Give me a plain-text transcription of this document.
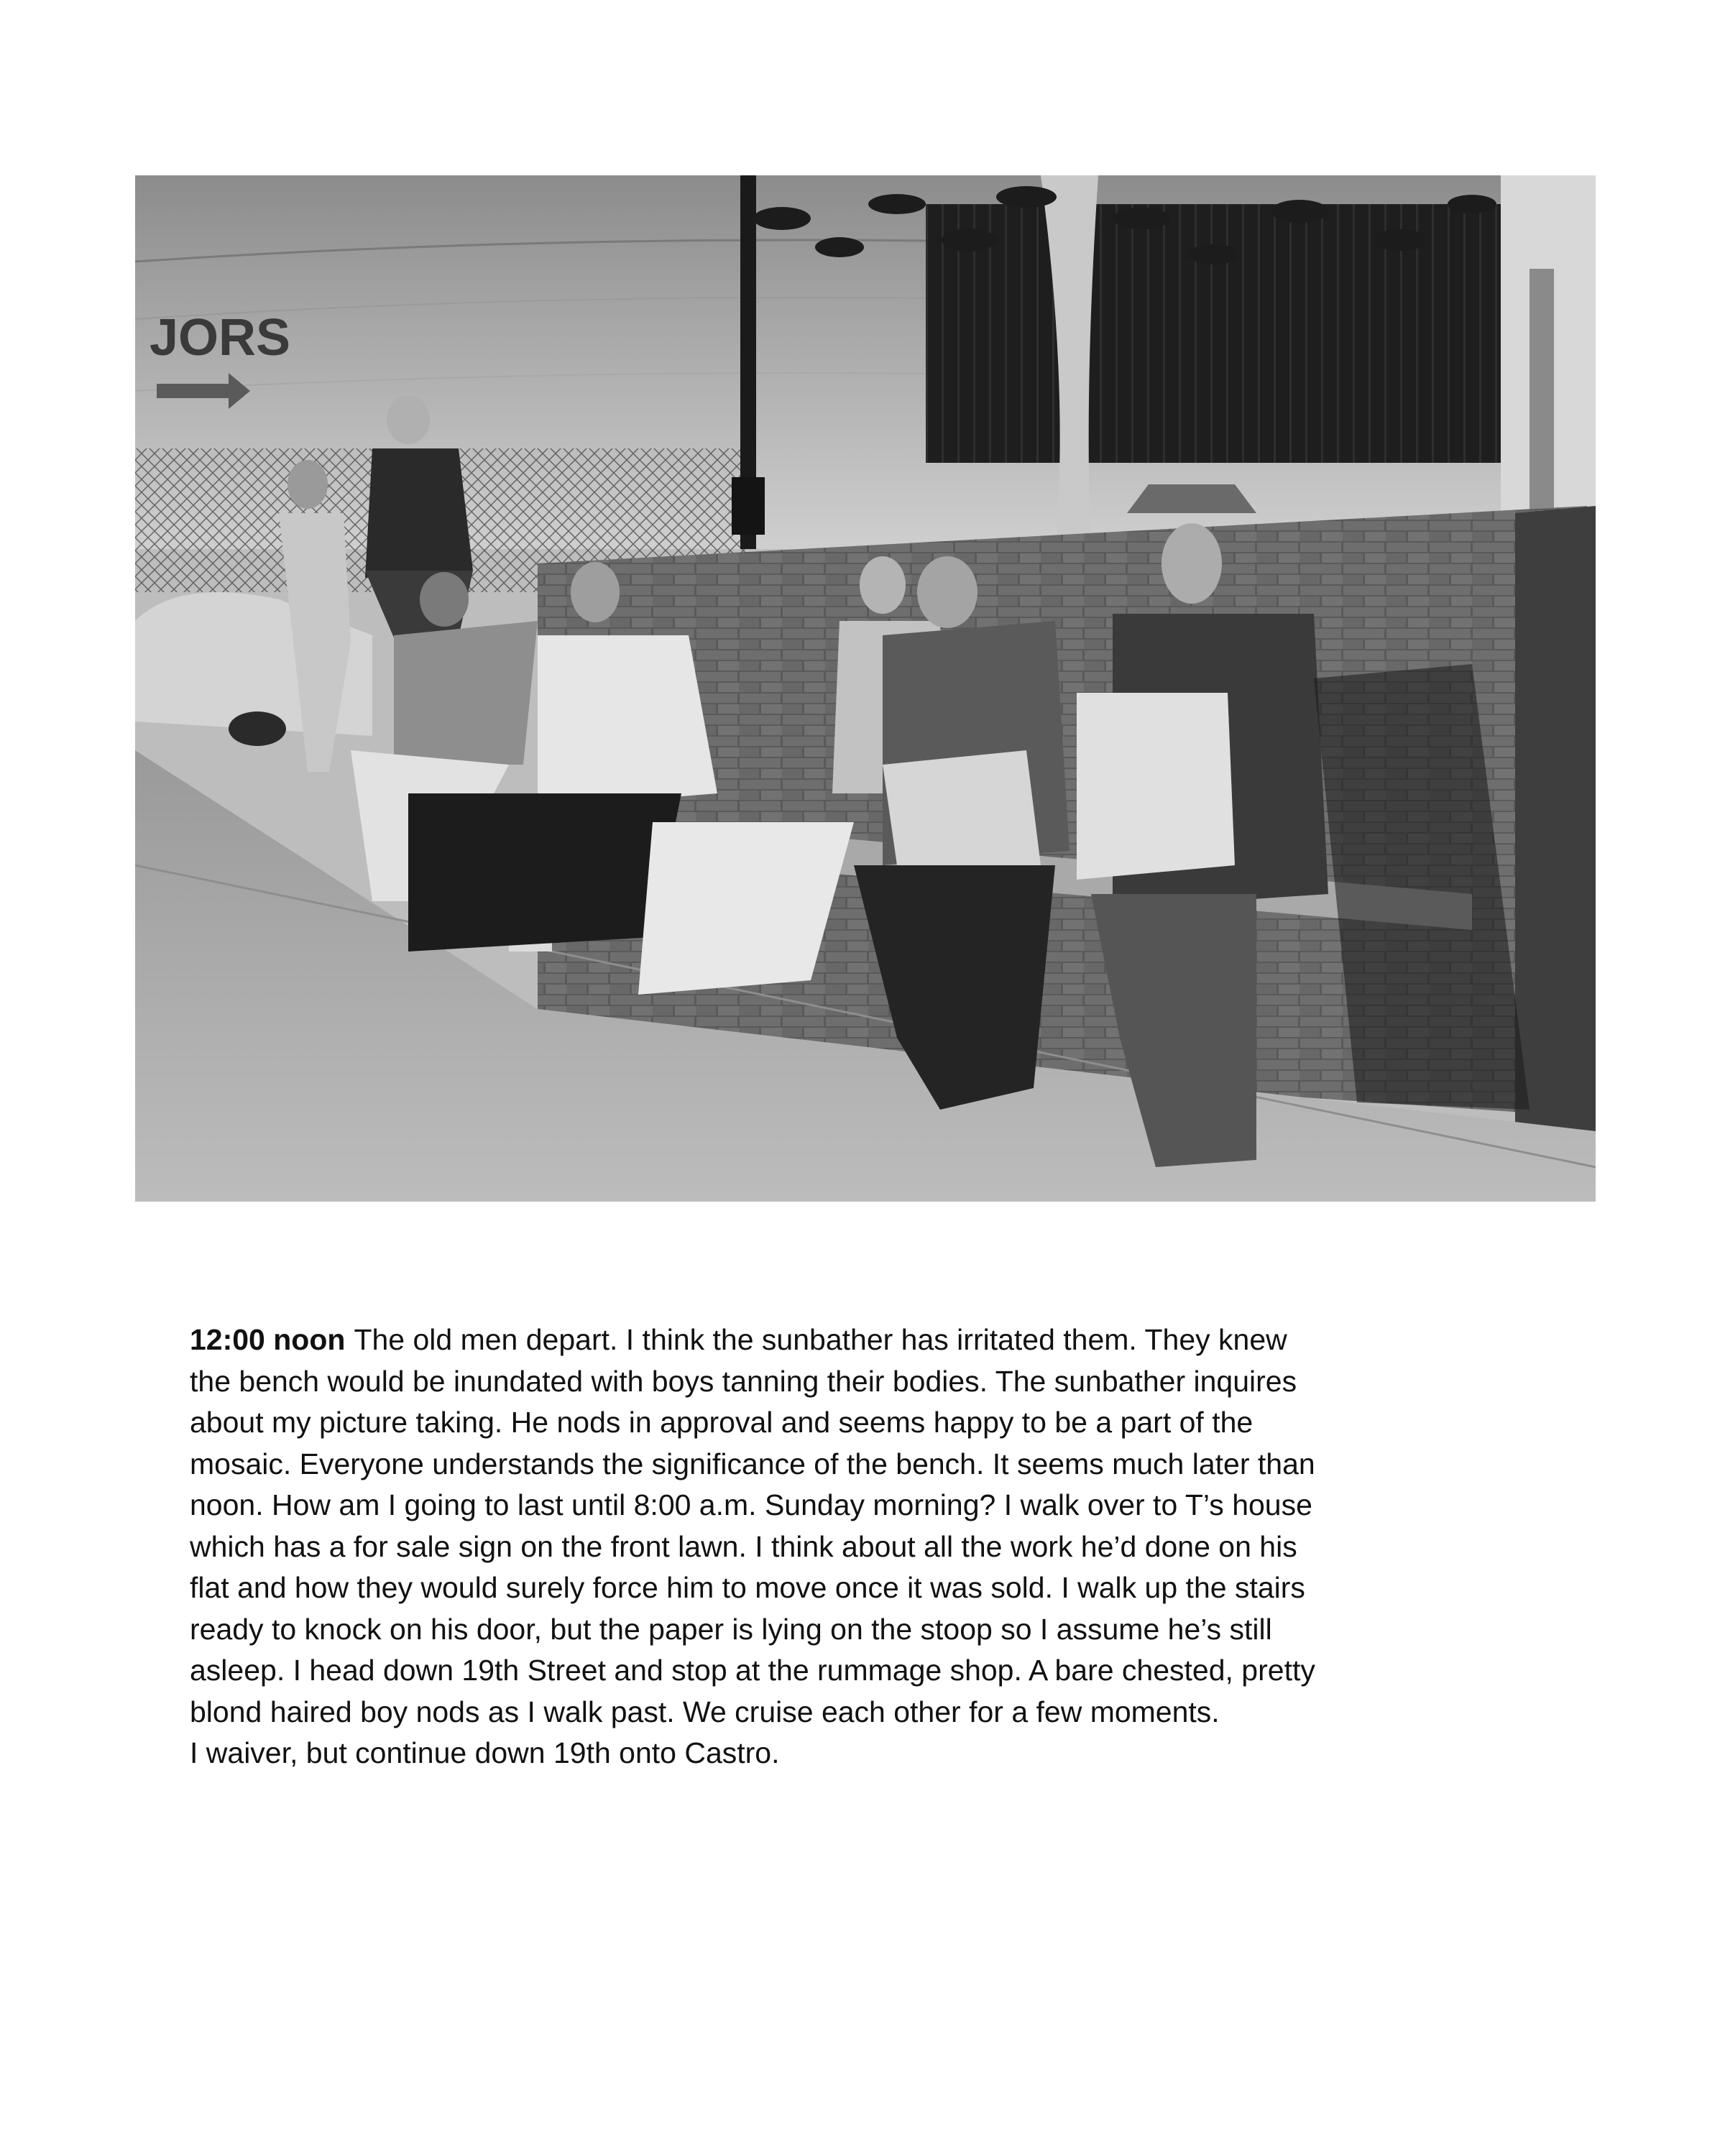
JORS

12:00 noon The old men depart. I think the sunbather has irritated them. They knew
the bench would be inundated with boys tanning their bodies. The sunbather inquires
about my picture taking. He nods in approval and seems happy to be a part of the
mosaic. Everyone understands the significance of the bench. It seems much later than
noon. How am I going to last until 8:00 a.m. Sunday morning? I walk over to T’s house
which has a for sale sign on the front lawn. I think about all the work he’d done on his
flat and how they would surely force him to move once it was sold. I walk up the stairs
ready to knock on his door, but the paper is lying on the stoop so I assume he’s still
asleep. I head down 19th Street and stop at the rummage shop. A bare chested, pretty
blond haired boy nods as I walk past. We cruise each other for a few moments.
I waiver, but continue down 19th onto Castro.
